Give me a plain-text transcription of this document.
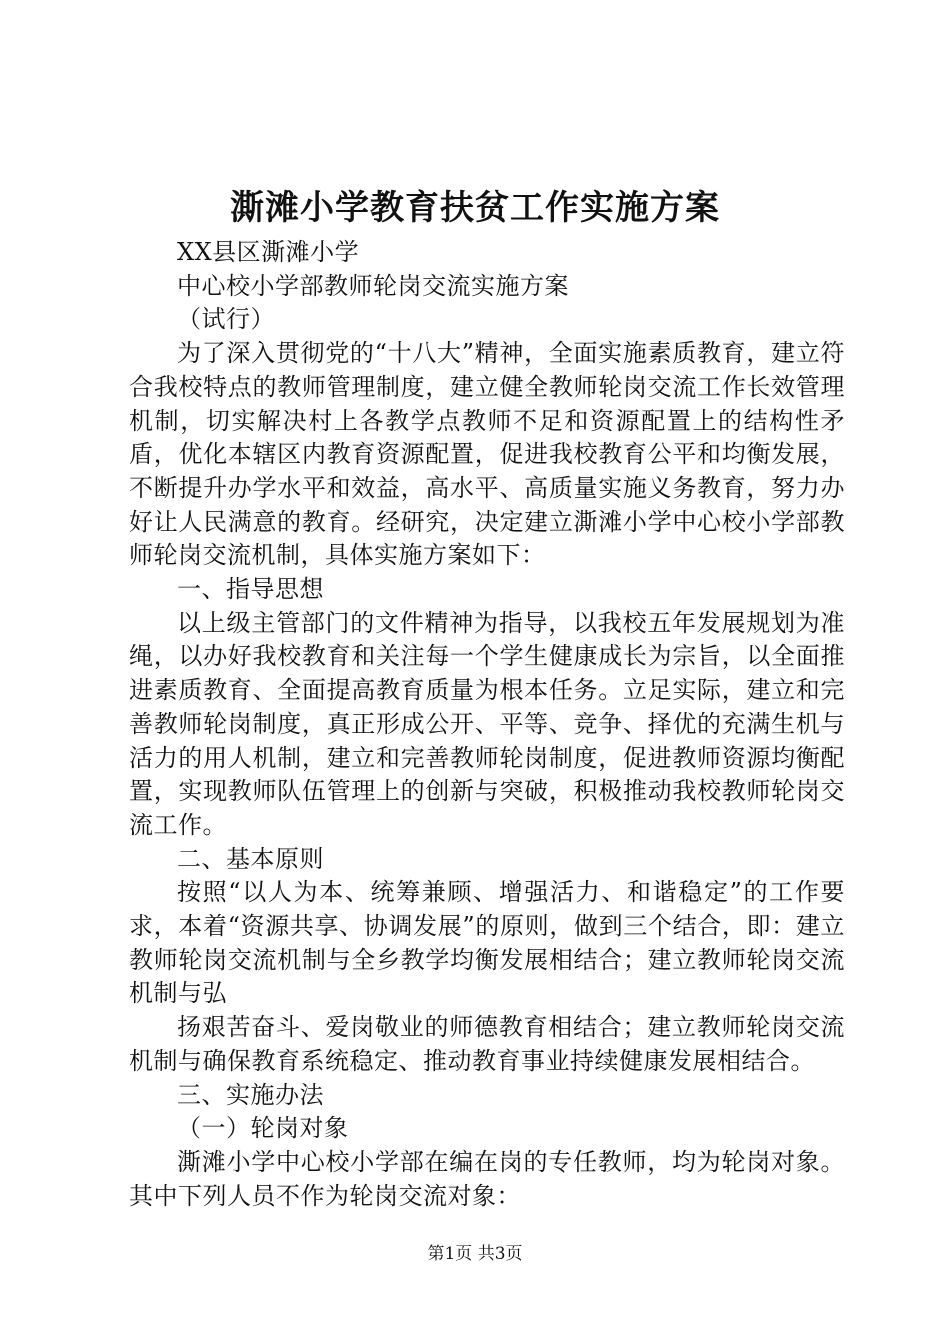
澌滩小学教育扶贫工作实施方案

XX县区澌滩小学

中心校小学部教师轮岗交流实施方案

（试行）

为了深入贯彻党的“十八大”精神，全面实施素质教育，建立符合我校特点的教师管理制度，建立健全教师轮岗交流工作长效管理机制，切实解决村上各教学点教师不足和资源配置上的结构性矛盾，优化本辖区内教育资源配置，促进我校教育公平和均衡发展，不断提升办学水平和效益，高水平、高质量实施义务教育，努力办好让人民满意的教育。经研究，决定建立澌滩小学中心校小学部教师轮岗交流机制，具体实施方案如下：

一、指导思想

以上级主管部门的文件精神为指导，以我校五年发展规划为准绳，以办好我校教育和关注每一个学生健康成长为宗旨，以全面推进素质教育、全面提高教育质量为根本任务。立足实际，建立和完善教师轮岗制度，真正形成公开、平等、竞争、择优的充满生机与活力的用人机制，建立和完善教师轮岗制度，促进教师资源均衡配置，实现教师队伍管理上的创新与突破，积极推动我校教师轮岗交流工作。

二、基本原则

按照“以人为本、统筹兼顾、增强活力、和谐稳定”的工作要求，本着“资源共享、协调发展”的原则，做到三个结合，即：建立教师轮岗交流机制与全乡教学均衡发展相结合；建立教师轮岗交流机制与弘

扬艰苦奋斗、爱岗敬业的师德教育相结合；建立教师轮岗交流机制与确保教育系统稳定、推动教育事业持续健康发展相结合。

三、实施办法

（一）轮岗对象

澌滩小学中心校小学部在编在岗的专任教师，均为轮岗对象。其中下列人员不作为轮岗交流对象：

第1页 共3页
